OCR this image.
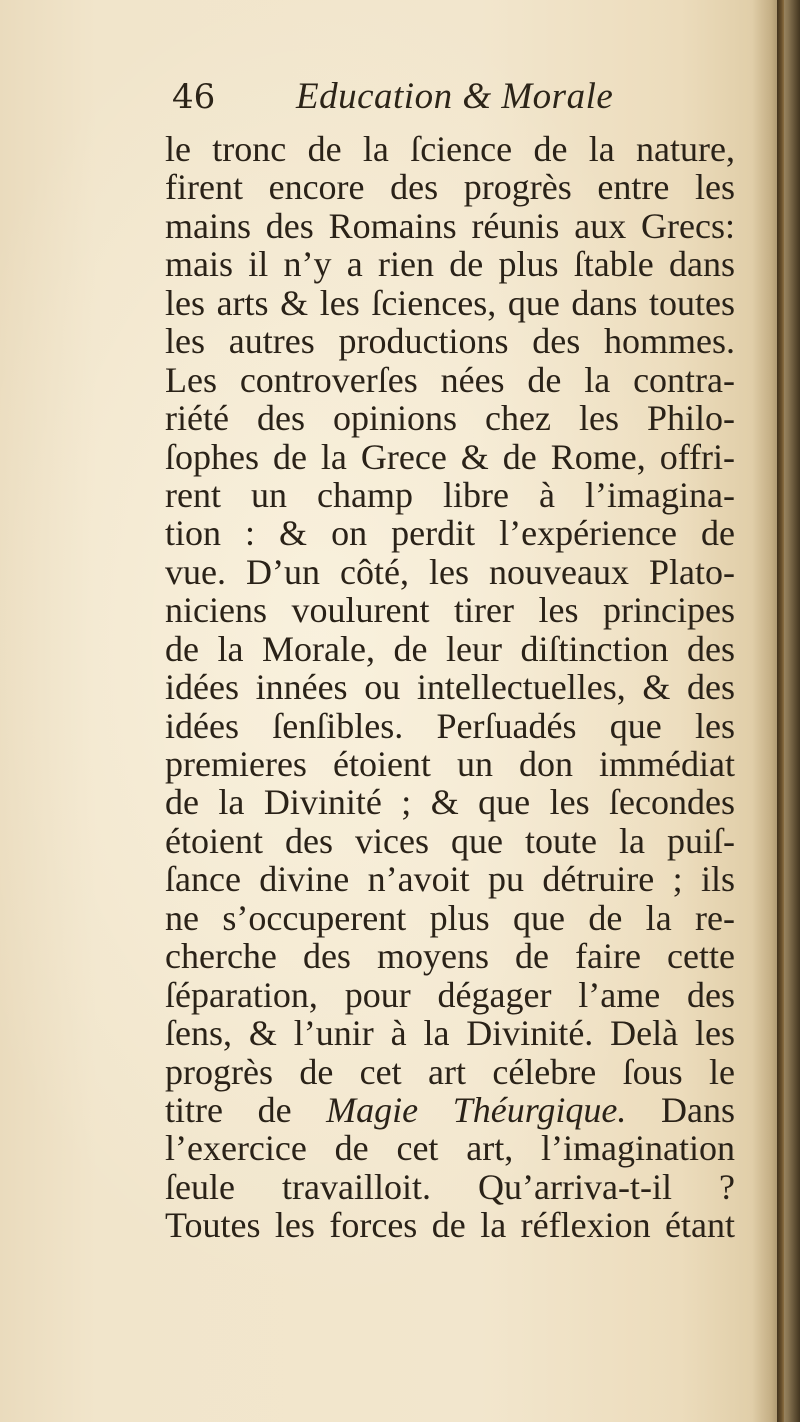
46 Education & Morale
le tronc de la ſcience de la nature,
firent encore des progrès entre les
mains des Romains réunis aux Grecs:
mais il n’y a rien de plus ſtable dans
les arts & les ſciences, que dans toutes
les autres productions des hommes.
Les controverſes nées de la contra-
riété des opinions chez les Philo-
ſophes de la Grece & de Rome, offri-
rent un champ libre à l’imagina-
tion : & on perdit l’expérience de
vue. D’un côté, les nouveaux Plato-
niciens voulurent tirer les principes
de la Morale, de leur diſtinction des
idées innées ou intellectuelles, & des
idées ſenſibles. Perſuadés que les
premieres étoient un don immédiat
de la Divinité ; & que les ſecondes
étoient des vices que toute la puiſ-
ſance divine n’avoit pu détruire ; ils
ne s’occuperent plus que de la re-
cherche des moyens de faire cette
ſéparation, pour dégager l’ame des
ſens, & l’unir à la Divinité. Delà les
progrès de cet art célebre ſous le
titre de Magie Théurgique. Dans
l’exercice de cet art, l’imagination
ſeule travailloit. Qu’arriva-t-il ?
Toutes les forces de la réflexion étant
